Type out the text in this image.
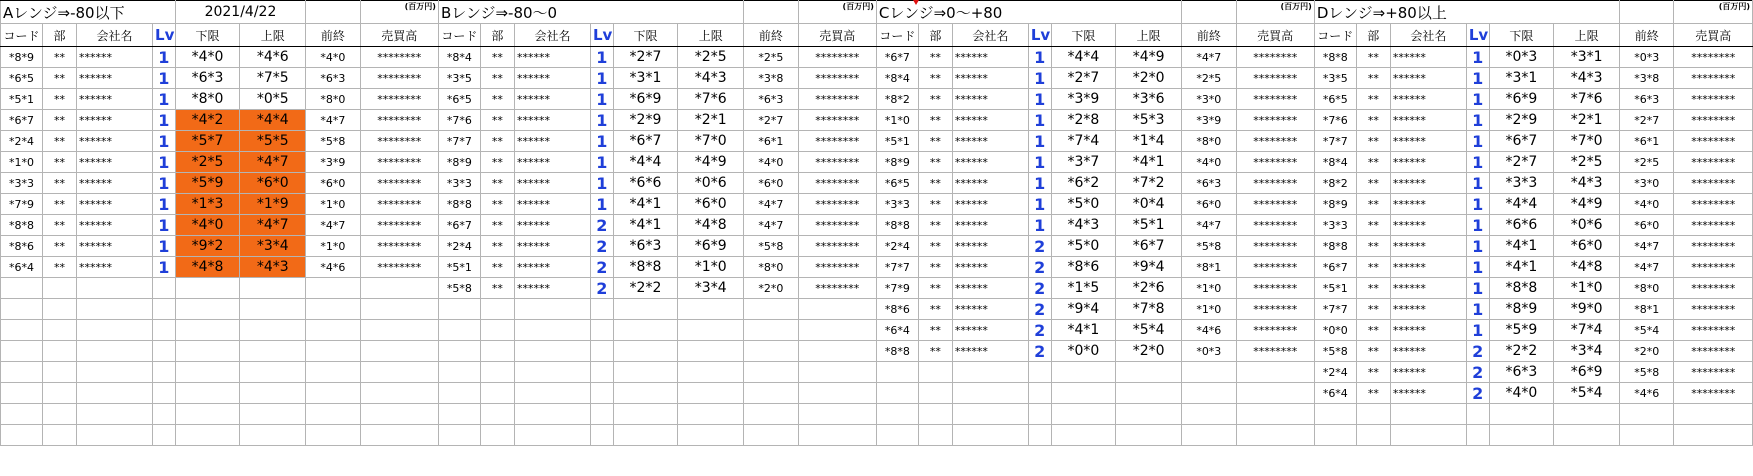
Aレンジ⇒-80以下				2021/4/22			(百万円)	Bレンジ⇒-80〜0							(百万円)	Cレンジ⇒0〜+80							(百万円)	Dレンジ⇒+80以上							(百万円)
コード	部	会社名	Lv	下限	上限	前終	売買高	コード	部	会社名	Lv	下限	上限	前終	売買高	コード	部	会社名	Lv	下限	上限	前終	売買高	コード	部	会社名	Lv	下限	上限	前終	売買高
*8*9	**	******	1	*4*0	*4*6	*4*0	********	*8*4	**	******	1	*2*7	*2*5	*2*5	********	*6*7	**	******	1	*4*4	*4*9	*4*7	********	*8*8	**	******	1	*0*3	*3*1	*0*3	********
*6*5	**	******	1	*6*3	*7*5	*6*3	********	*3*5	**	******	1	*3*1	*4*3	*3*8	********	*8*4	**	******	1	*2*7	*2*0	*2*5	********	*3*5	**	******	1	*3*1	*4*3	*3*8	********
*5*1	**	******	1	*8*0	*0*5	*8*0	********	*6*5	**	******	1	*6*9	*7*6	*6*3	********	*8*2	**	******	1	*3*9	*3*6	*3*0	********	*6*5	**	******	1	*6*9	*7*6	*6*3	********
*6*7	**	******	1	*4*2	*4*4	*4*7	********	*7*6	**	******	1	*2*9	*2*1	*2*7	********	*1*0	**	******	1	*2*8	*5*3	*3*9	********	*7*6	**	******	1	*2*9	*2*1	*2*7	********
*2*4	**	******	1	*5*7	*5*5	*5*8	********	*7*7	**	******	1	*6*7	*7*0	*6*1	********	*5*1	**	******	1	*7*4	*1*4	*8*0	********	*7*7	**	******	1	*6*7	*7*0	*6*1	********
*1*0	**	******	1	*2*5	*4*7	*3*9	********	*8*9	**	******	1	*4*4	*4*9	*4*0	********	*8*9	**	******	1	*3*7	*4*1	*4*0	********	*8*4	**	******	1	*2*7	*2*5	*2*5	********
*3*3	**	******	1	*5*9	*6*0	*6*0	********	*3*3	**	******	1	*6*6	*0*6	*6*0	********	*6*5	**	******	1	*6*2	*7*2	*6*3	********	*8*2	**	******	1	*3*3	*4*3	*3*0	********
*7*9	**	******	1	*1*3	*1*9	*1*0	********	*8*8	**	******	1	*4*1	*6*0	*4*7	********	*3*3	**	******	1	*5*0	*0*4	*6*0	********	*8*9	**	******	1	*4*4	*4*9	*4*0	********
*8*8	**	******	1	*4*0	*4*7	*4*7	********	*6*7	**	******	2	*4*1	*4*8	*4*7	********	*8*8	**	******	1	*4*3	*5*1	*4*7	********	*3*3	**	******	1	*6*6	*0*6	*6*0	********
*8*6	**	******	1	*9*2	*3*4	*1*0	********	*2*4	**	******	2	*6*3	*6*9	*5*8	********	*2*4	**	******	2	*5*0	*6*7	*5*8	********	*8*8	**	******	1	*4*1	*6*0	*4*7	********
*6*4	**	******	1	*4*8	*4*3	*4*6	********	*5*1	**	******	2	*8*8	*1*0	*8*0	********	*7*7	**	******	2	*8*6	*9*4	*8*1	********	*6*7	**	******	1	*4*1	*4*8	*4*7	********
								*5*8	**	******	2	*2*2	*3*4	*2*0	********	*7*9	**	******	2	*1*5	*2*6	*1*0	********	*5*1	**	******	1	*8*8	*1*0	*8*0	********
																*8*6	**	******	2	*9*4	*7*8	*1*0	********	*7*7	**	******	1	*8*9	*9*0	*8*1	********
																*6*4	**	******	2	*4*1	*5*4	*4*6	********	*0*0	**	******	1	*5*9	*7*4	*5*4	********
																*8*8	**	******	2	*0*0	*2*0	*0*3	********	*5*8	**	******	2	*2*2	*3*4	*2*0	********
																								*2*4	**	******	2	*6*3	*6*9	*5*8	********
																								*6*4	**	******	2	*4*0	*5*4	*4*6	********
